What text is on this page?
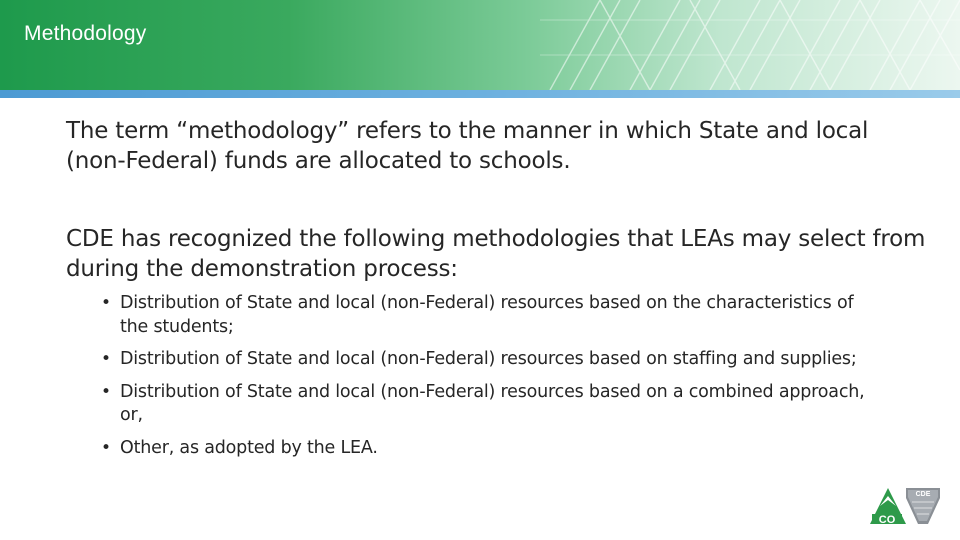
Methodology

The term “methodology” refers to the manner in which State and local (non-Federal) funds are allocated to schools.

CDE has recognized the following methodologies that LEAs may select from during the demonstration process:

• Distribution of State and local (non-Federal) resources based on the characteristics of the students;
• Distribution of State and local (non-Federal) resources based on staffing and supplies;
• Distribution of State and local (non-Federal) resources based on a combined approach, or,
• Other, as adopted by the LEA.
CO
CDE
